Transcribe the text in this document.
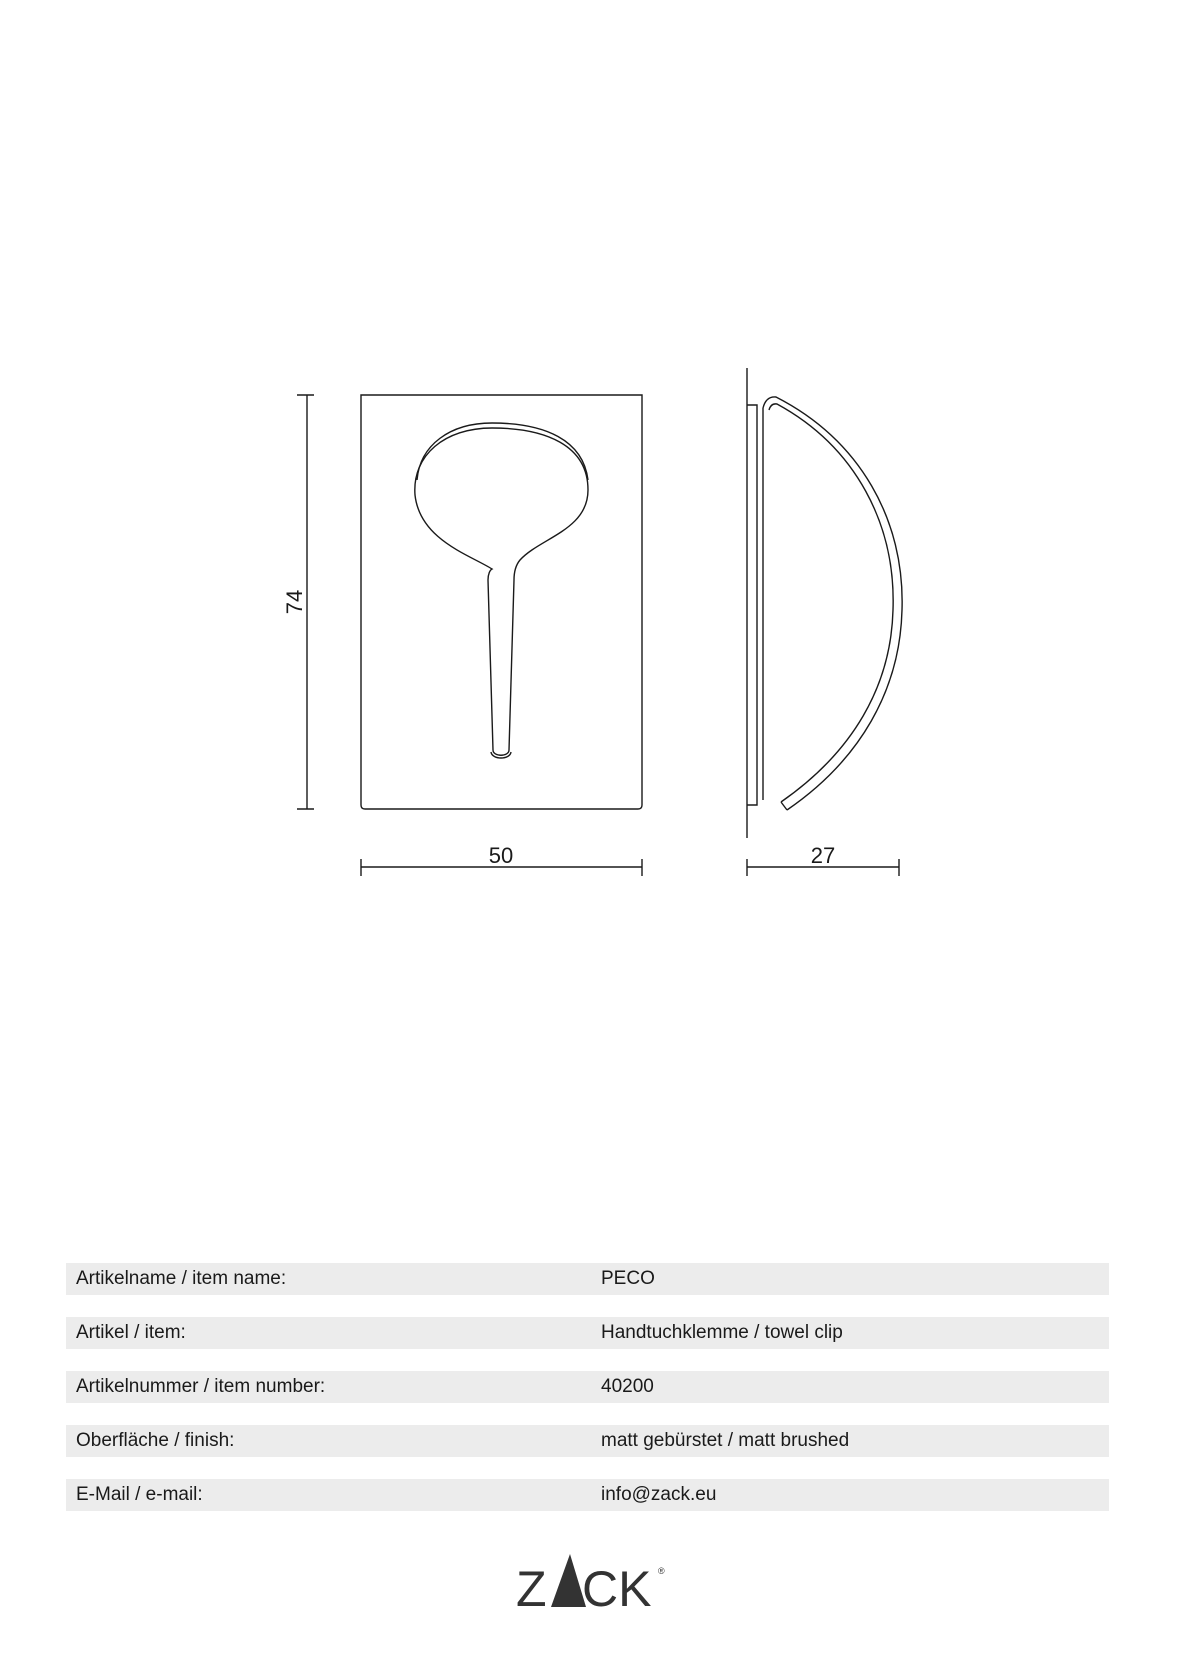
74
50	27
Artikelname / item name:	PECO
Artikel / item:	Handtuchklemme / towel clip
Artikelnummer / item number:	40200
Oberfläche / finish:	matt gebürstet / matt brushed
E-Mail / e-mail:	info@zack.eu
Z CK ®
